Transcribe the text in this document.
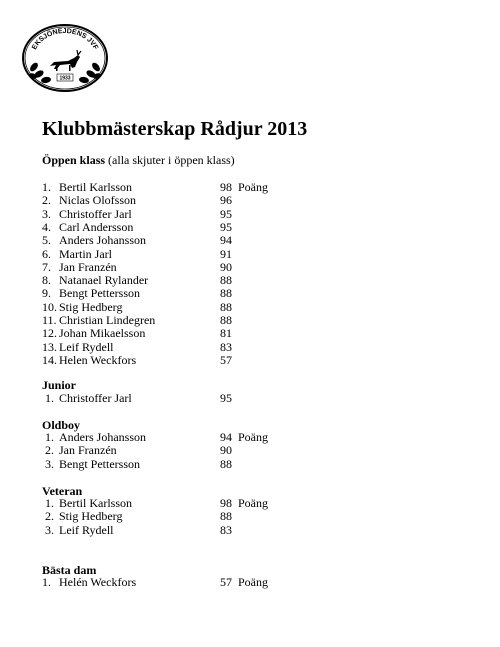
EKSJÖNEJDENS JVF
1933
Klubbmästerskap Rådjur 2013
Öppen klass (alla skjuter i öppen klass)
1. Bertil Karlsson	98 Poäng
2. Niclas Olofsson	96
3. Christoffer Jarl	95
4. Carl Andersson	95
5. Anders Johansson	94
6. Martin Jarl	91
7. Jan Franzén	90
8. Natanael Rylander	88
9. Bengt Pettersson	88
10. Stig Hedberg	88
11. Christian Lindegren	88
12. Johan Mikaelsson	81
13. Leif Rydell	83
14. Helen Weckfors	57
Junior
1. Christoffer Jarl	95
Oldboy
1. Anders Johansson	94 Poäng
2. Jan Franzén	90
3. Bengt Pettersson	88
Veteran
1. Bertil Karlsson	98 Poäng
2. Stig Hedberg	88
3. Leif Rydell	83
Bästa dam
1. Helén Weckfors	57 Poäng
